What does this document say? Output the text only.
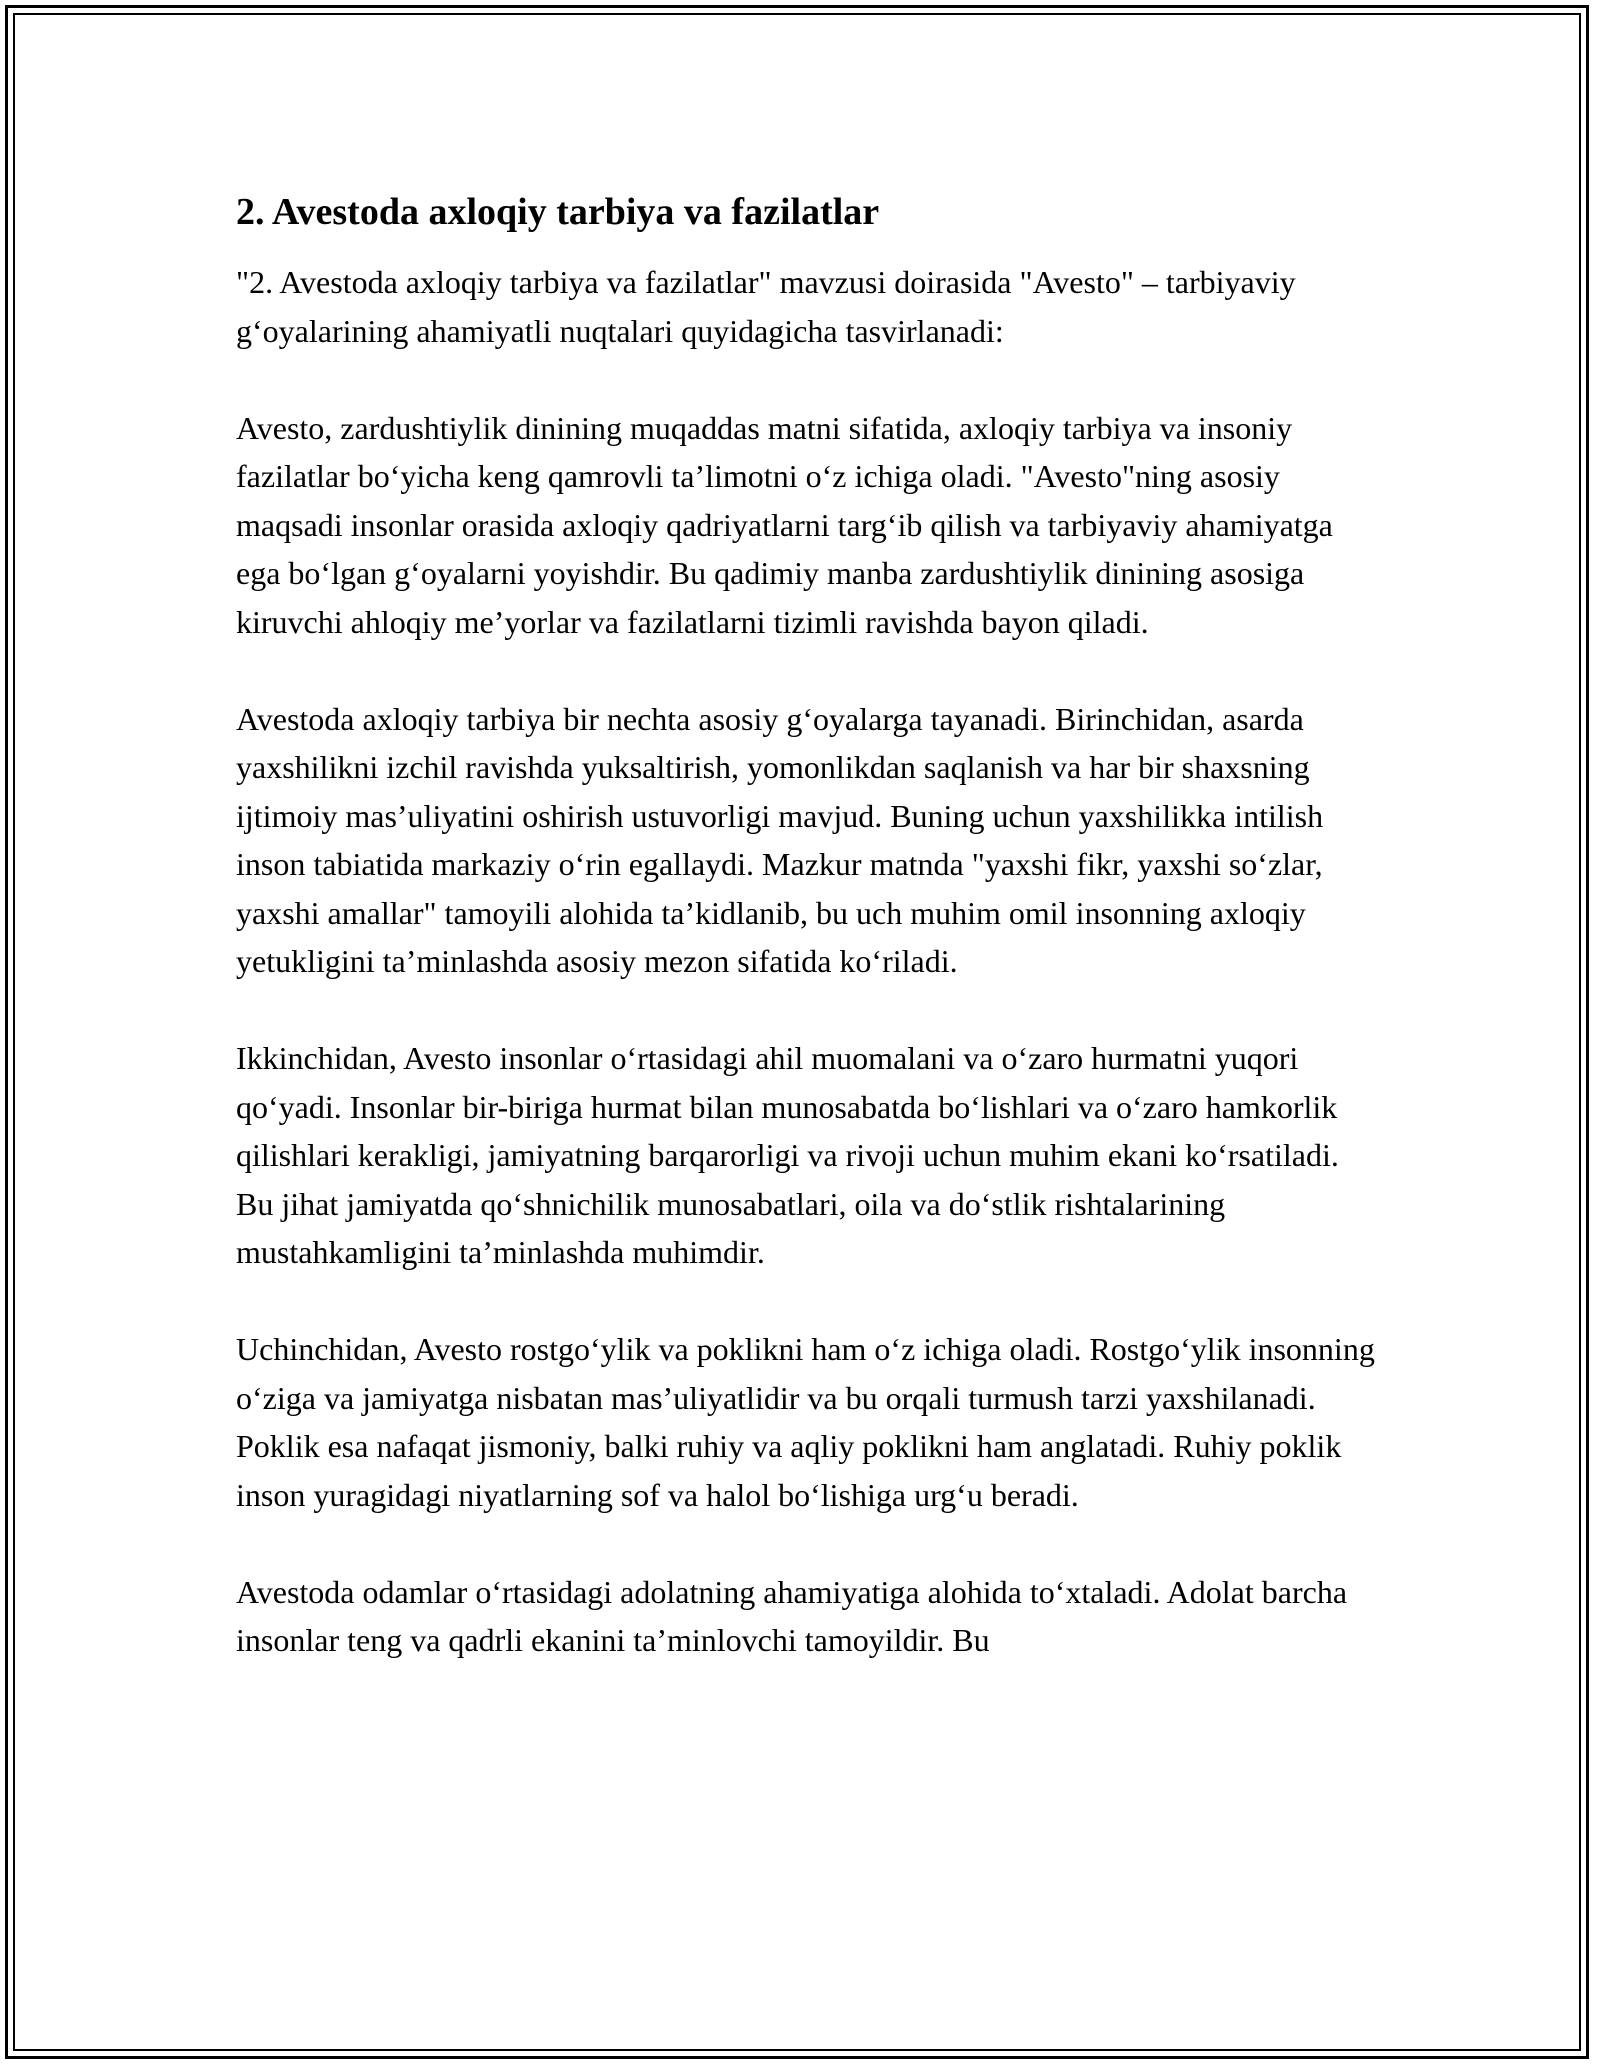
2. Avestoda axloqiy tarbiya va fazilatlar

"2. Avestoda axloqiy tarbiya va fazilatlar" mavzusi doirasida "Avesto" – tarbiyaviy g‘oyalarining ahamiyatli nuqtalari quyidagicha tasvirlanadi:

Avesto, zardushtiylik dinining muqaddas matni sifatida, axloqiy tarbiya va insoniy fazilatlar bo‘yicha keng qamrovli ta’limotni o‘z ichiga oladi. "Avesto"ning asosiy maqsadi insonlar orasida axloqiy qadriyatlarni targ‘ib qilish va tarbiyaviy ahamiyatga ega bo‘lgan g‘oyalarni yoyishdir. Bu qadimiy manba zardushtiylik dinining asosiga kiruvchi ahloqiy me’yorlar va fazilatlarni tizimli ravishda bayon qiladi.

Avestoda axloqiy tarbiya bir nechta asosiy g‘oyalarga tayanadi. Birinchidan, asarda yaxshilikni izchil ravishda yuksaltirish, yomonlikdan saqlanish va har bir shaxsning ijtimoiy mas’uliyatini oshirish ustuvorligi mavjud. Buning uchun yaxshilikka intilish inson tabiatida markaziy o‘rin egallaydi. Mazkur matnda "yaxshi fikr, yaxshi so‘zlar, yaxshi amallar" tamoyili alohida ta’kidlanib, bu uch muhim omil insonning axloqiy yetukligini ta’minlashda asosiy mezon sifatida ko‘riladi.

Ikkinchidan, Avesto insonlar o‘rtasidagi ahil muomalani va o‘zaro hurmatni yuqori qo‘yadi. Insonlar bir-biriga hurmat bilan munosabatda bo‘lishlari va o‘zaro hamkorlik qilishlari kerakligi, jamiyatning barqarorligi va rivoji uchun muhim ekani ko‘rsatiladi. Bu jihat jamiyatda qo‘shnichilik munosabatlari, oila va do‘stlik rishtalarining mustahkamligini ta’minlashda muhimdir.

Uchinchidan, Avesto rostgo‘ylik va poklikni ham o‘z ichiga oladi. Rostgo‘ylik insonning o‘ziga va jamiyatga nisbatan mas’uliyatlidir va bu orqali turmush tarzi yaxshilanadi. Poklik esa nafaqat jismoniy, balki ruhiy va aqliy poklikni ham anglatadi. Ruhiy poklik inson yuragidagi niyatlarning sof va halol bo‘lishiga urg‘u beradi.

Avestoda odamlar o‘rtasidagi adolatning ahamiyatiga alohida to‘xtaladi. Adolat barcha insonlar teng va qadrli ekanini ta’minlovchi tamoyildir. Bu
